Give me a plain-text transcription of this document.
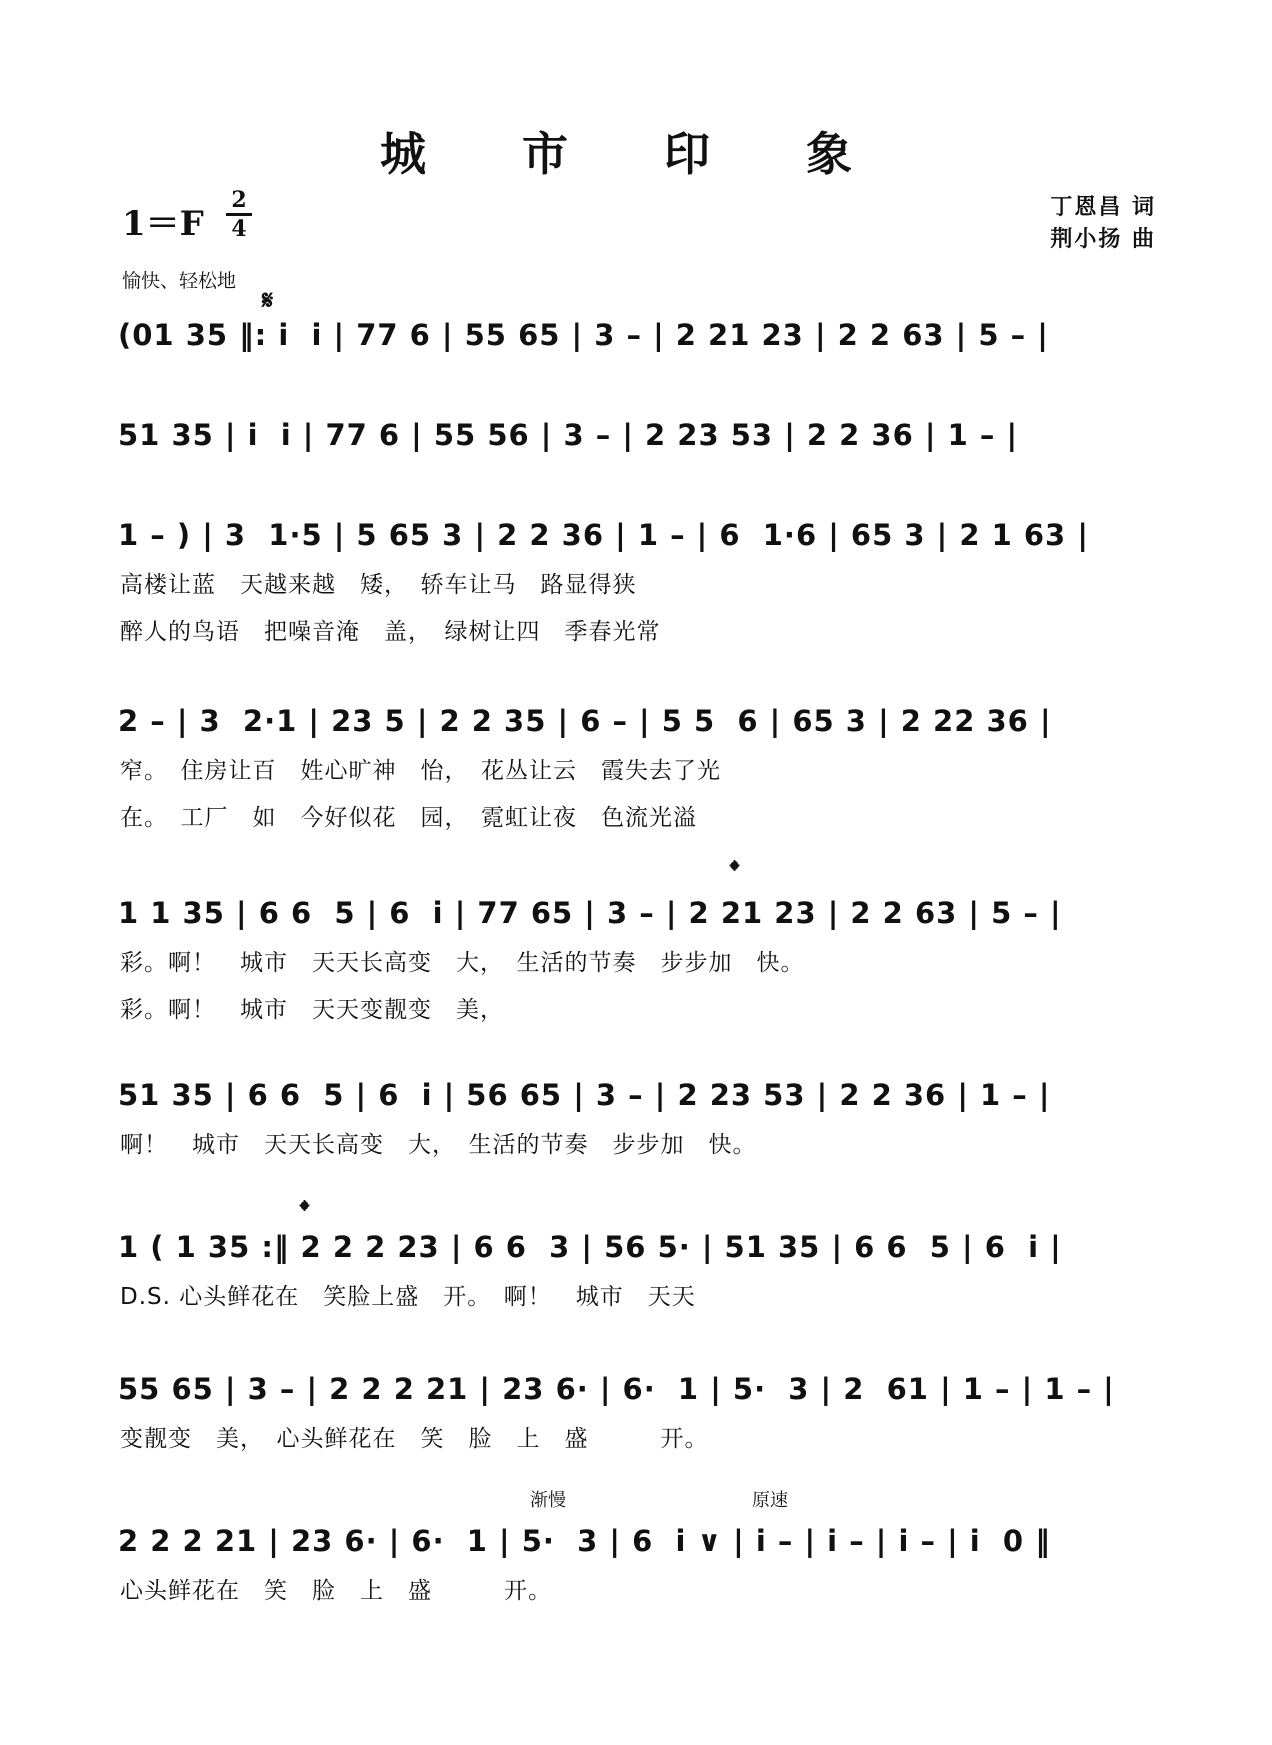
城 市 印 象
1＝F
2
4
丁恩昌 词
荆小扬 曲
愉快、轻松地
𝄋
𝄌
𝄌
渐慢	原速
(01 35 ‖: i  i | 77 6 | 55 65 | 3 – | 2 21 23 | 2 2 63 | 5 – |
51 35 | i  i | 77 6 | 55 56 | 3 – | 2 23 53 | 2 2 36 | 1 – |
1 – ) | 3  1·5 | 5 65 3 | 2 2 36 | 1 – | 6  1·6 | 65 3 | 2 1 63 |
高楼让蓝　天越来越　矮，　轿车让马　路显得狭
醉人的鸟语　把噪音淹　盖，　绿树让四　季春光常
2 – | 3  2·1 | 23 5 | 2 2 35 | 6 – | 5 5  6 | 65 3 | 2 22 36 |
窄。　住房让百　姓心旷神　怡，　花丛让云　霞失去了光
在。　工厂　如　今好似花　园，　霓虹让夜　色流光溢
1 1 35 | 6 6  5 | 6  i | 77 65 | 3 – | 2 21 23 | 2 2 63 | 5 – |
彩。啊！　城市　天天长高变　大，　生活的节奏　步步加　快。
彩。啊！　城市　天天变靓变　美，
51 35 | 6 6  5 | 6  i | 56 65 | 3 – | 2 23 53 | 2 2 36 | 1 – |
啊！　城市　天天长高变　大，　生活的节奏　步步加　快。
1 ( 1 35 :‖ 2 2 2 23 | 6 6  3 | 56 5· | 51 35 | 6 6  5 | 6  i |
D.S. 心头鲜花在　笑脸上盛　开。　啊！　城市　天天
55 65 | 3 – | 2 2 2 21 | 23 6· | 6·  1 | 5·  3 | 2  61 | 1 – | 1 – |
变靓变　美，　心头鲜花在　笑　脸　上　盛　　　开。
2 2 2 21 | 23 6· | 6·  1 | 5·  3 | 6  i ∨ | i – | i – | i – | i  0 ‖
心头鲜花在　笑　脸　上　盛　　　开。
